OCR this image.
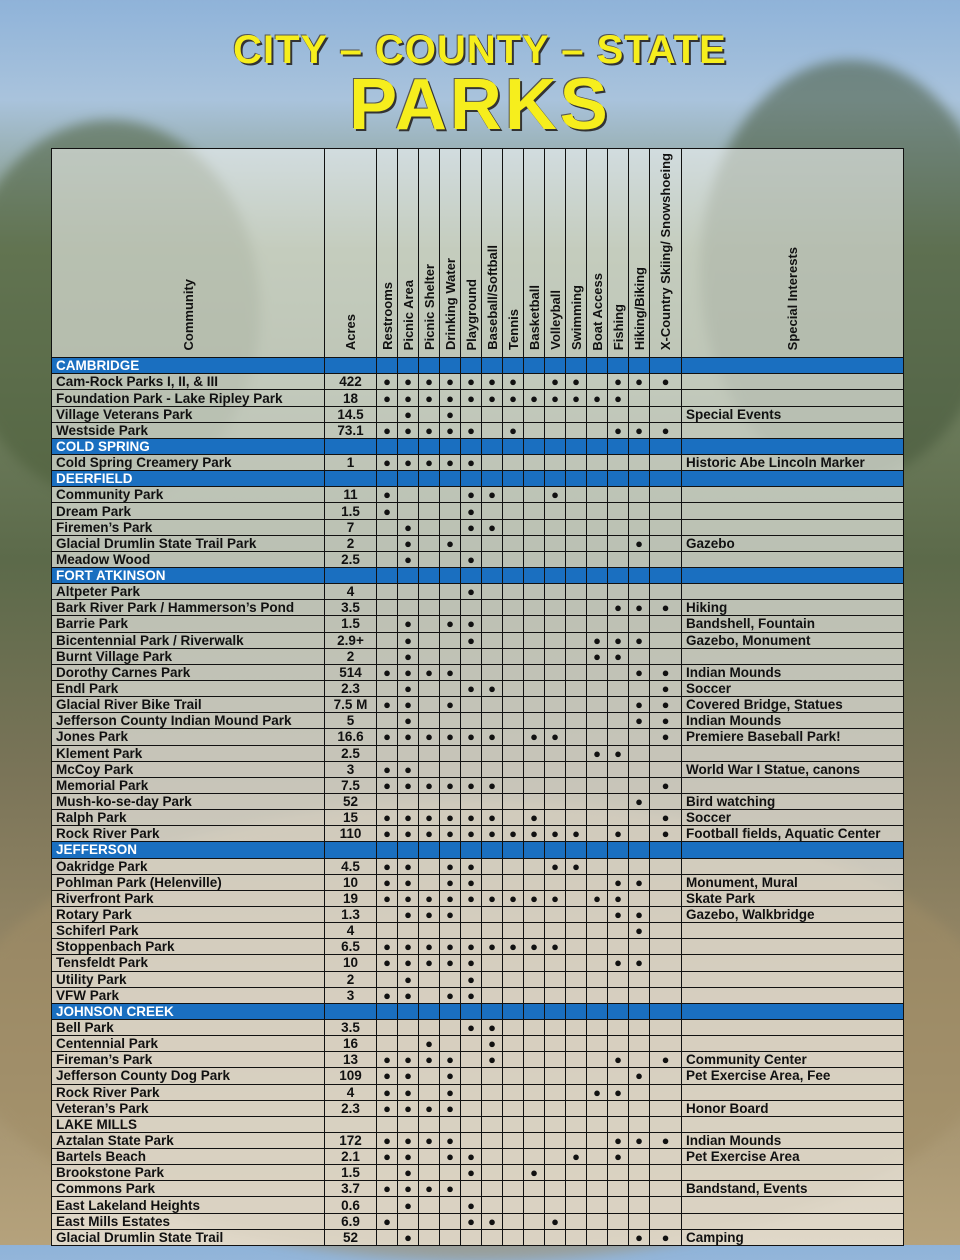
CITY – COUNTY – STATE
PARKS
Community	Acres	Restrooms	Picnic Area	Picnic Shelter	Drinking Water	Playground	Baseball/Softball	Tennis	Basketball	Volleyball	Swimming	Boat Access	Fishing	Hiking/Biking	X-Country Skiing/ Snowshoeing	Special Interests
CAMBRIDGE																
Cam-Rock Parks I, II, & III	422	●	●	●	●	●	●	●		●	●		●	●	●	
Foundation Park - Lake Ripley Park	18	●	●	●	●	●	●	●	●	●	●	●	●			
Village Veterans Park	14.5		●		●											Special Events
Westside Park	73.1	●	●	●	●	●		●					●	●	●	
COLD SPRING																
Cold Spring Creamery Park	1	●	●	●	●	●										Historic Abe Lincoln Marker
DEERFIELD																
Community Park	11	●				●	●			●						
Dream Park	1.5	●				●										
Firemen’s Park	7		●			●	●									
Glacial Drumlin State Trail Park	2		●		●									●		Gazebo
Meadow Wood	2.5		●			●										
FORT ATKINSON																
Altpeter Park	4					●										
Bark River Park / Hammerson’s Pond	3.5												●	●	●	Hiking
Barrie Park	1.5		●		●	●										Bandshell, Fountain
Bicentennial Park / Riverwalk	2.9+		●			●						●	●	●		Gazebo, Monument
Burnt Village Park	2		●									●	●			
Dorothy Carnes Park	514	●	●	●	●									●	●	Indian Mounds
Endl Park	2.3		●			●	●								●	Soccer
Glacial River Bike Trail	7.5 M	●	●		●									●	●	Covered Bridge, Statues
Jefferson County Indian Mound Park	5		●											●	●	Indian Mounds
Jones Park	16.6	●	●	●	●	●	●		●	●					●	Premiere Baseball Park!
Klement Park	2.5											●	●			
McCoy Park	3	●	●													World War I Statue, canons
Memorial Park	7.5	●	●	●	●	●	●								●	
Mush-ko-se-day Park	52													●		Bird watching
Ralph Park	15	●	●	●	●	●	●		●						●	Soccer
Rock River Park	110	●	●	●	●	●	●	●	●	●	●		●		●	Football fields, Aquatic Center
JEFFERSON																
Oakridge Park	4.5	●	●		●	●				●	●					
Pohlman Park (Helenville)	10	●	●		●	●							●	●		Monument, Mural
Riverfront Park	19	●	●	●	●	●	●	●	●	●		●	●			Skate Park
Rotary Park	1.3		●	●	●								●	●		Gazebo, Walkbridge
Schiferl Park	4													●		
Stoppenbach Park	6.5	●	●	●	●	●	●	●	●	●						
Tensfeldt Park	10	●	●	●	●	●							●	●		
Utility Park	2		●			●										
VFW Park	3	●	●		●	●										
JOHNSON CREEK																
Bell Park	3.5					●	●									
Centennial Park	16			●			●									
Fireman’s Park	13	●	●	●	●		●						●		●	Community Center
Jefferson County Dog Park	109	●	●		●									●		Pet Exercise Area, Fee
Rock River Park	4	●	●		●							●	●			
Veteran’s Park	2.3	●	●	●	●											Honor Board
LAKE MILLS																
Aztalan State Park	172	●	●	●	●								●	●	●	Indian Mounds
Bartels Beach	2.1	●	●		●	●					●		●			Pet Exercise Area
Brookstone Park	1.5		●			●			●							
Commons Park	3.7	●	●	●	●											Bandstand, Events
East Lakeland Heights	0.6		●			●										
East Mills Estates	6.9	●				●	●			●						
Glacial Drumlin State Trail	52		●											●	●	Camping
